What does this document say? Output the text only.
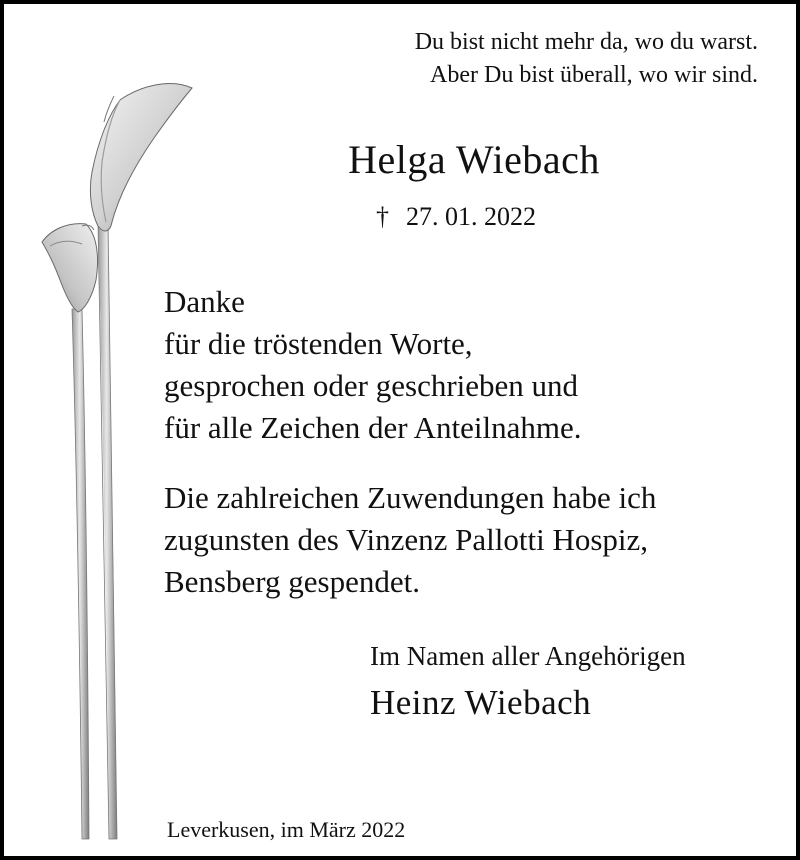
Du bist nicht mehr da, wo du warst.
Aber Du bist überall, wo wir sind.
Helga Wiebach
† 27. 01. 2022
Danke
für die tröstenden Worte,
gesprochen oder geschrieben und
für alle Zeichen der Anteilnahme.
Die zahlreichen Zuwendungen habe ich
zugunsten des Vinzenz Pallotti Hospiz,
Bensberg gespendet.
Im Namen aller Angehörigen
Heinz Wiebach
Leverkusen, im März 2022
